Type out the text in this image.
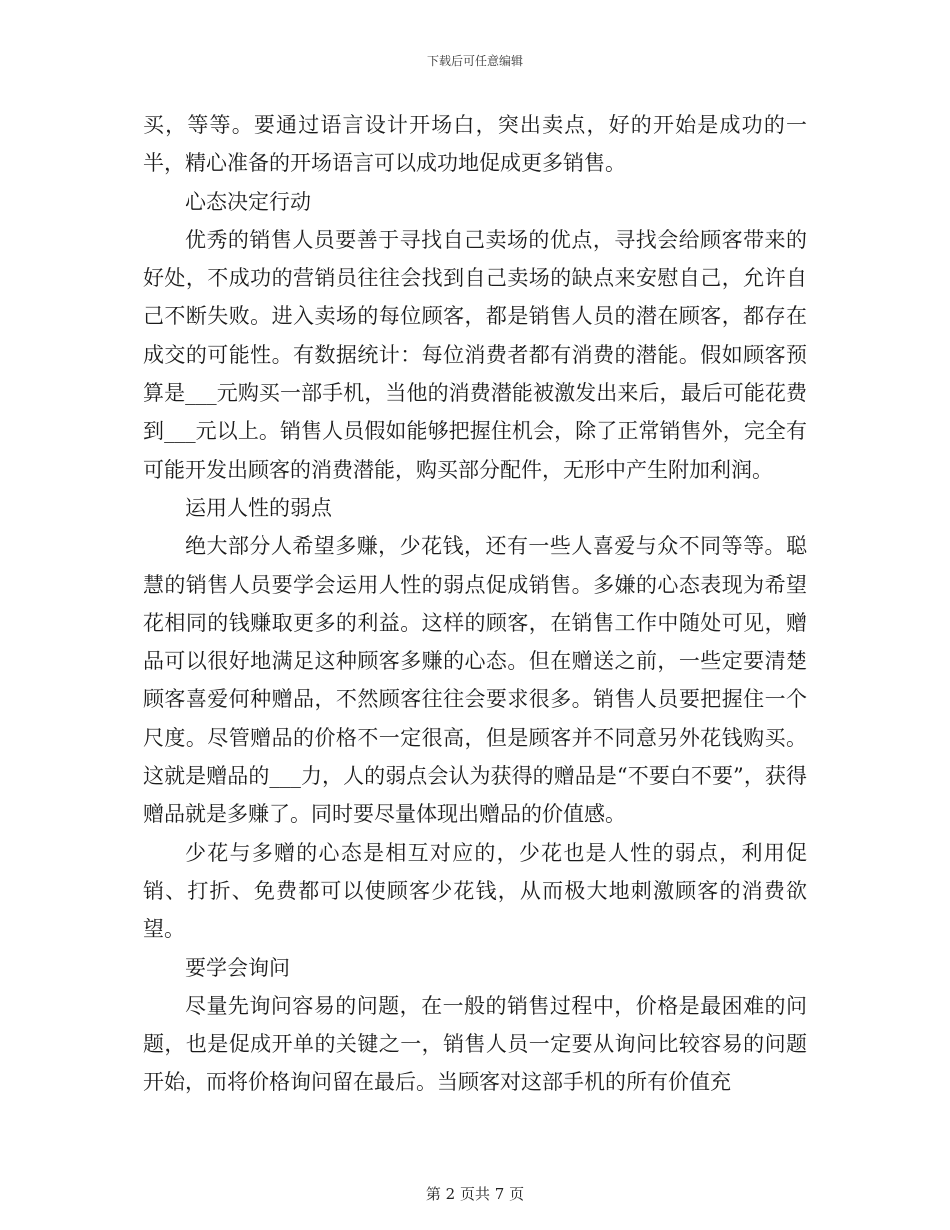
下载后可任意编辑

买，等等。要通过语言设计开场白，突出卖点，好的开始是成功的一半，精心准备的开场语言可以成功地促成更多销售。

心态决定行动

优秀的销售人员要善于寻找自己卖场的优点，寻找会给顾客带来的好处，不成功的营销员往往会找到自己卖场的缺点来安慰自己，允许自己不断失败。进入卖场的每位顾客，都是销售人员的潜在顾客，都存在成交的可能性。有数据统计：每位消费者都有消费的潜能。假如顾客预算是___元购买一部手机，当他的消费潜能被激发出来后，最后可能花费到___元以上。销售人员假如能够把握住机会，除了正常销售外，完全有可能开发出顾客的消费潜能，购买部分配件，无形中产生附加利润。

运用人性的弱点

绝大部分人希望多赚，少花钱，还有一些人喜爱与众不同等等。聪慧的销售人员要学会运用人性的弱点促成销售。多嫌的心态表现为希望花相同的钱赚取更多的利益。这样的顾客，在销售工作中随处可见，赠品可以很好地满足这种顾客多赚的心态。但在赠送之前，一些定要清楚顾客喜爱何种赠品，不然顾客往往会要求很多。销售人员要把握住一个尺度。尽管赠品的价格不一定很高，但是顾客并不同意另外花钱购买。这就是赠品的___力，人的弱点会认为获得的赠品是“不要白不要”，获得赠品就是多赚了。同时要尽量体现出赠品的价值感。

少花与多赠的心态是相互对应的，少花也是人性的弱点，利用促销、打折、免费都可以使顾客少花钱，从而极大地刺激顾客的消费欲望。

要学会询问

尽量先询问容易的问题，在一般的销售过程中，价格是最困难的问题，也是促成开单的关键之一，销售人员一定要从询问比较容易的问题开始，而将价格询问留在最后。当顾客对这部手机的所有价值充

第 2 页共 7 页
